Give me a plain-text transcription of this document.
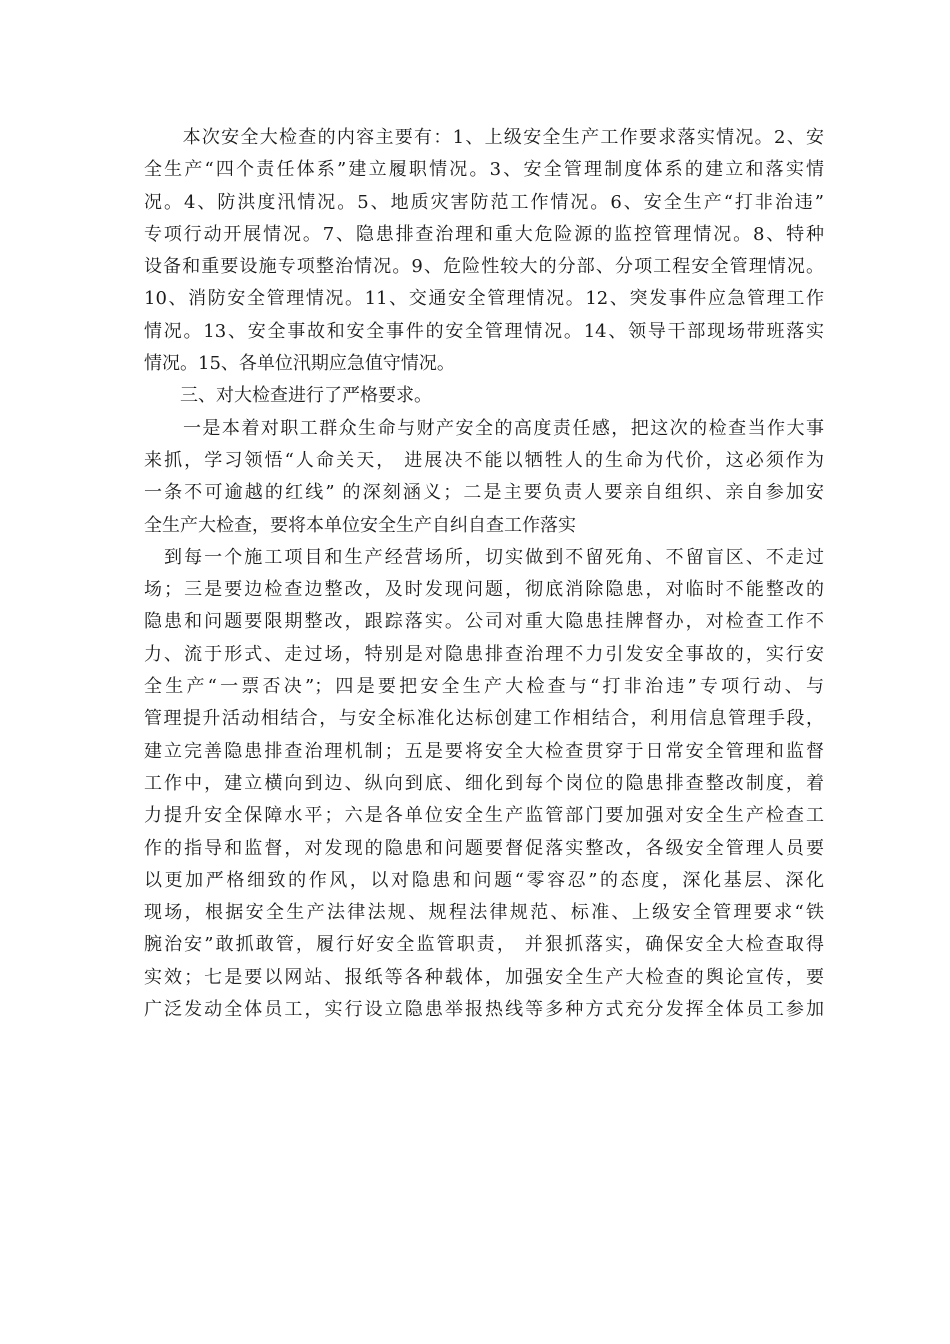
　　本次安全大检查的内容主要有：1、上级安全生产工作要求落实情况。2、安
全生产“四个责任体系”建立履职情况。3、安全管理制度体系的建立和落实情
况。4、防洪度汛情况。5、地质灾害防范工作情况。6、安全生产“打非治违”
专项行动开展情况。7、隐患排查治理和重大危险源的监控管理情况。8、特种
设备和重要设施专项整治情况。9、危险性较大的分部、分项工程安全管理情况。
10、消防安全管理情况。11、交通安全管理情况。12、突发事件应急管理工作
情况。13、安全事故和安全事件的安全管理情况。14、领导干部现场带班落实
情况。15、各单位汛期应急值守情况。
　　三、对大检查进行了严格要求。
　　一是本着对职工群众生命与财产安全的高度责任感，把这次的检查当作大事
来抓，学习领悟“人命关天， 进展决不能以牺牲人的生命为代价，这必须作为
一条不可逾越的红线” 的深刻涵义；二是主要负责人要亲自组织、亲自参加安
全生产大检查，要将本单位安全生产自纠自查工作落实
　到每一个施工项目和生产经营场所，切实做到不留死角、不留盲区、不走过
场；三是要边检查边整改，及时发现问题，彻底消除隐患，对临时不能整改的
隐患和问题要限期整改，跟踪落实。公司对重大隐患挂牌督办，对检查工作不
力、流于形式、走过场，特别是对隐患排查治理不力引发安全事故的，实行安
全生产“一票否决”；四是要把安全生产大检查与“打非治违”专项行动、与
管理提升活动相结合，与安全标准化达标创建工作相结合，利用信息管理手段，
建立完善隐患排查治理机制；五是要将安全大检查贯穿于日常安全管理和监督
工作中，建立横向到边、纵向到底、细化到每个岗位的隐患排查整改制度，着
力提升安全保障水平；六是各单位安全生产监管部门要加强对安全生产检查工
作的指导和监督，对发现的隐患和问题要督促落实整改，各级安全管理人员要
以更加严格细致的作风，以对隐患和问题“零容忍”的态度，深化基层、深化
现场，根据安全生产法律法规、规程法律规范、标准、上级安全管理要求“铁
腕治安”敢抓敢管，履行好安全监管职责， 并狠抓落实，确保安全大检查取得
实效；七是要以网站、报纸等各种载体，加强安全生产大检查的舆论宣传，要
广泛发动全体员工，实行设立隐患举报热线等多种方式充分发挥全体员工参加
